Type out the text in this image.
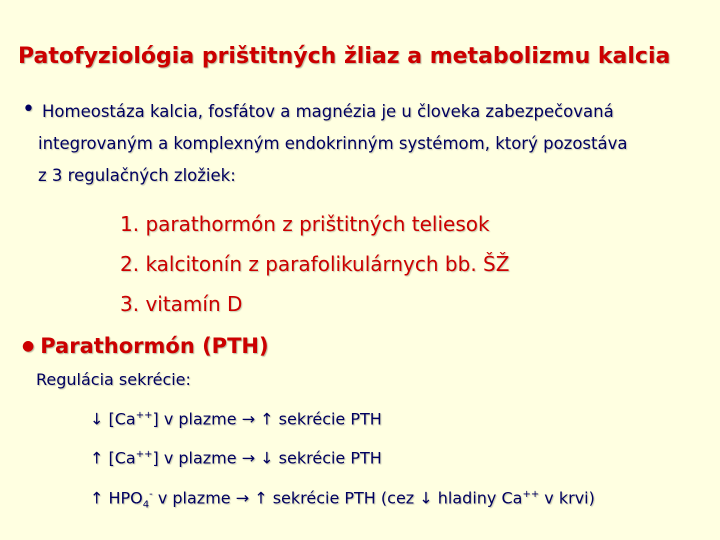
Patofyziológia prištitných žliaz a metabolizmu kalcia
• Homeostáza kalcia, fosfátov a magnézia je u človeka zabezpečovaná
integrovaným a komplexným endokrinným systémom, ktorý pozostáva
z 3 regulačných zložiek:
1. parathormón z prištitných teliesok
2. kalcitonín z parafolikulárnych bb. ŠŽ
3. vitamín D
● Parathormón (PTH)
Regulácia sekrécie:
↓ [Ca++] v plazme → ↑ sekrécie PTH
↑ [Ca++] v plazme → ↓ sekrécie PTH
↑ $HPO_4^-$ v plazme → ↑ sekrécie PTH (cez ↓ hladiny Ca++ v krvi)
